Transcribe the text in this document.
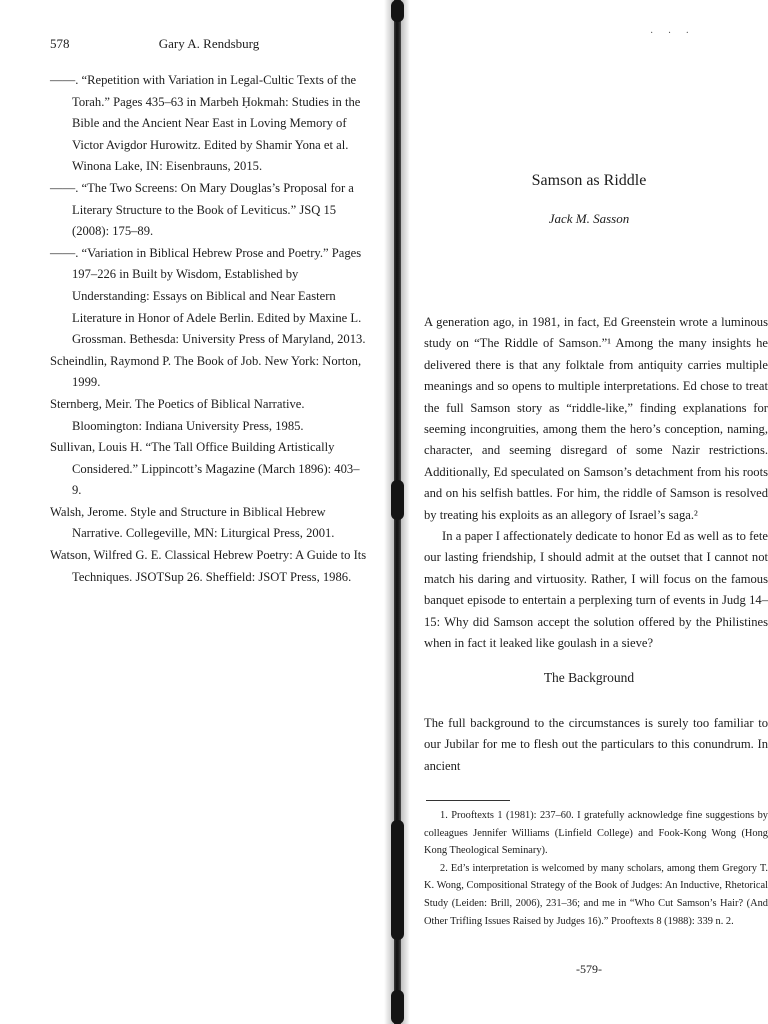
578	Gary A. Rendsburg

——. “Repetition with Variation in Legal-Cultic Texts of the Torah.” Pages 435–63 in Marbeh Ḥokmah: Studies in the Bible and the Ancient Near East in Loving Memory of Victor Avigdor Hurowitz. Edited by Shamir Yona et al. Winona Lake, IN: Eisenbrauns, 2015.

——. “The Two Screens: On Mary Douglas’s Proposal for a Literary Structure to the Book of Leviticus.” JSQ 15 (2008): 175–89.

——. “Variation in Biblical Hebrew Prose and Poetry.” Pages 197–226 in Built by Wisdom, Established by Understanding: Essays on Biblical and Near Eastern Literature in Honor of Adele Berlin. Edited by Maxine L. Grossman. Bethesda: University Press of Maryland, 2013.

Scheindlin, Raymond P. The Book of Job. New York: Norton, 1999.

Sternberg, Meir. The Poetics of Biblical Narrative. Bloomington: Indiana University Press, 1985.

Sullivan, Louis H. “The Tall Office Building Artistically Considered.” Lippincott’s Magazine (March 1896): 403–9.

Walsh, Jerome. Style and Structure in Biblical Hebrew Narrative. Collegeville, MN: Liturgical Press, 2001.

Watson, Wilfred G. E. Classical Hebrew Poetry: A Guide to Its Techniques. JSOTSup 26. Sheffield: JSOT Press, 1986.

· · ·
Samson as Riddle
Jack M. Sasson

A generation ago, in 1981, in fact, Ed Greenstein wrote a luminous study on “The Riddle of Samson.”¹ Among the many insights he delivered there is that any folktale from antiquity carries multiple meanings and so opens to multiple interpretations. Ed chose to treat the full Samson story as “riddle-like,” finding explanations for seeming incongruities, among them the hero’s conception, naming, character, and seeming disregard of some Nazir restrictions. Additionally, Ed speculated on Samson’s detachment from his roots and on his selfish battles. For him, the riddle of Samson is resolved by treating his exploits as an allegory of Israel’s saga.²

In a paper I affectionately dedicate to honor Ed as well as to fete our lasting friendship, I should admit at the outset that I cannot not match his daring and virtuosity. Rather, I will focus on the famous banquet episode to entertain a perplexing turn of events in Judg 14–15: Why did Samson accept the solution offered by the Philistines when in fact it leaked like goulash in a sieve?

The Background
The full background to the circumstances is surely too familiar to our Jubilar for me to flesh out the particulars to this conundrum. In ancient

1. Prooftexts 1 (1981): 237–60. I gratefully acknowledge fine suggestions by colleagues Jennifer Williams (Linfield College) and Fook-Kong Wong (Hong Kong Theological Seminary).

2. Ed’s interpretation is welcomed by many scholars, among them Gregory T. K. Wong, Compositional Strategy of the Book of Judges: An Inductive, Rhetorical Study (Leiden: Brill, 2006), 231–36; and me in “Who Cut Samson’s Hair? (And Other Trifling Issues Raised by Judges 16).” Prooftexts 8 (1988): 339 n. 2.

-579-
